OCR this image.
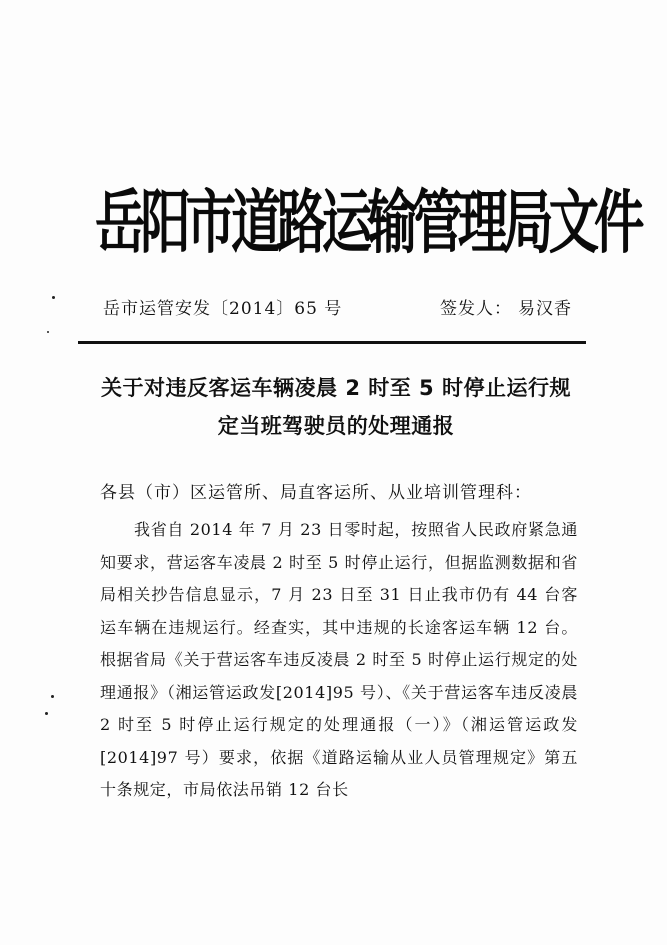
岳阳市道路运输管理局文件
岳市运管安发〔2014〕65 号	签发人： 易汉香
关于对违反客运车辆凌晨 2 时至 5 时停止运行规定当班驾驶员的处理通报
各县（市）区运管所、局直客运所、从业培训管理科：
我省自 2014 年 7 月 23 日零时起，按照省人民政府紧急通知要求，营运客车凌晨 2 时至 5 时停止运行，但据监测数据和省局相关抄告信息显示，7 月 23 日至 31 日止我市仍有 44 台客运车辆在违规运行。经查实，其中违规的长途客运车辆 12 台。根据省局《关于营运客车违反凌晨 2 时至 5 时停止运行规定的处理通报》（湘运管运政发[2014]95 号）、《关于营运客车违反凌晨 2 时至 5 时停止运行规定的处理通报（一）》（湘运管运政发[2014]97 号）要求，依据《道路运输从业人员管理规定》第五十条规定，市局依法吊销 12 台长
